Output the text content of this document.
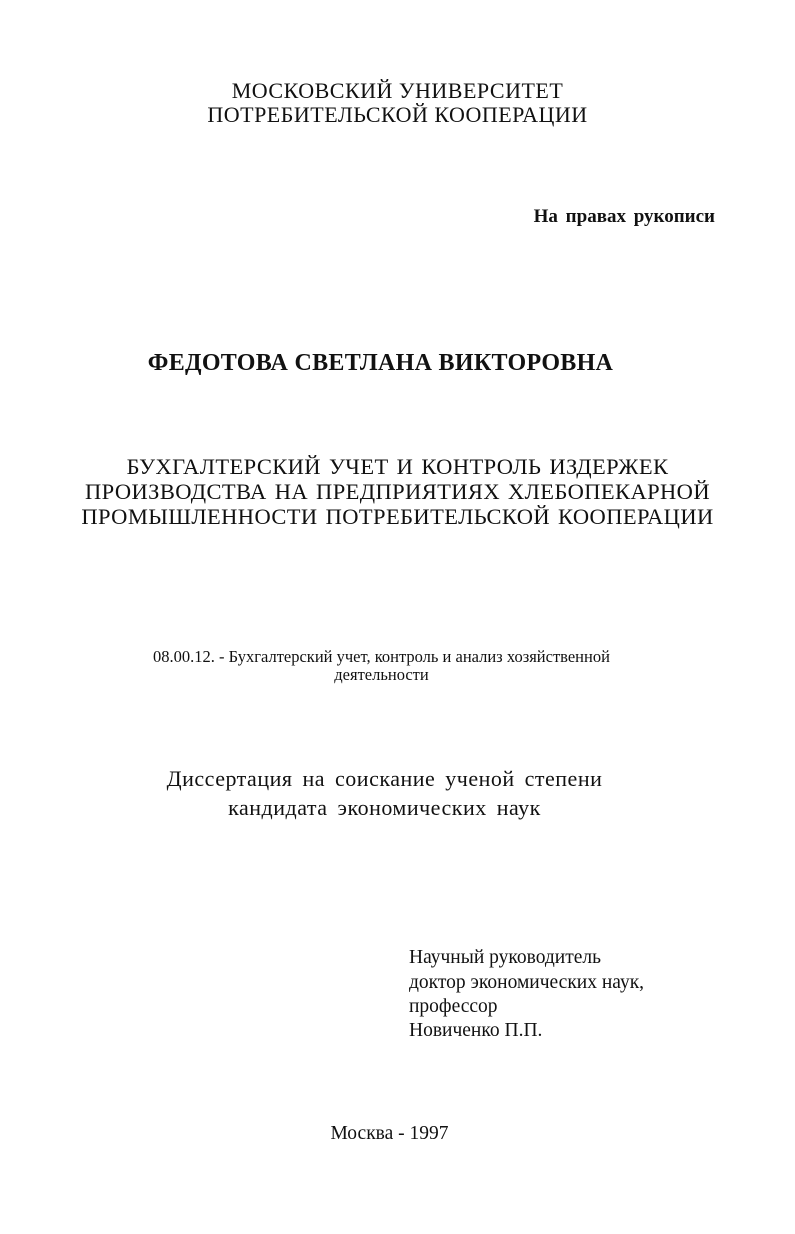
МОСКОВСКИЙ УНИВЕРСИТЕТ
ПОТРЕБИТЕЛЬСКОЙ КООПЕРАЦИИ
На правах рукописи
ФЕДОТОВА СВЕТЛАНА ВИКТОРОВНА
БУХГАЛТЕРСКИЙ УЧЕТ И КОНТРОЛЬ ИЗДЕРЖЕК
ПРОИЗВОДСТВА НА ПРЕДПРИЯТИЯХ ХЛЕБОПЕКАРНОЙ
ПРОМЫШЛЕННОСТИ ПОТРЕБИТЕЛЬСКОЙ КООПЕРАЦИИ
08.00.12. - Бухгалтерский учет, контроль и анализ хозяйственной
деятельности
Диссертация на соискание ученой степени
кандидата экономических наук
Научный руководитель
доктор экономических наук,
профессор
Новиченко П.П.
Москва - 1997
